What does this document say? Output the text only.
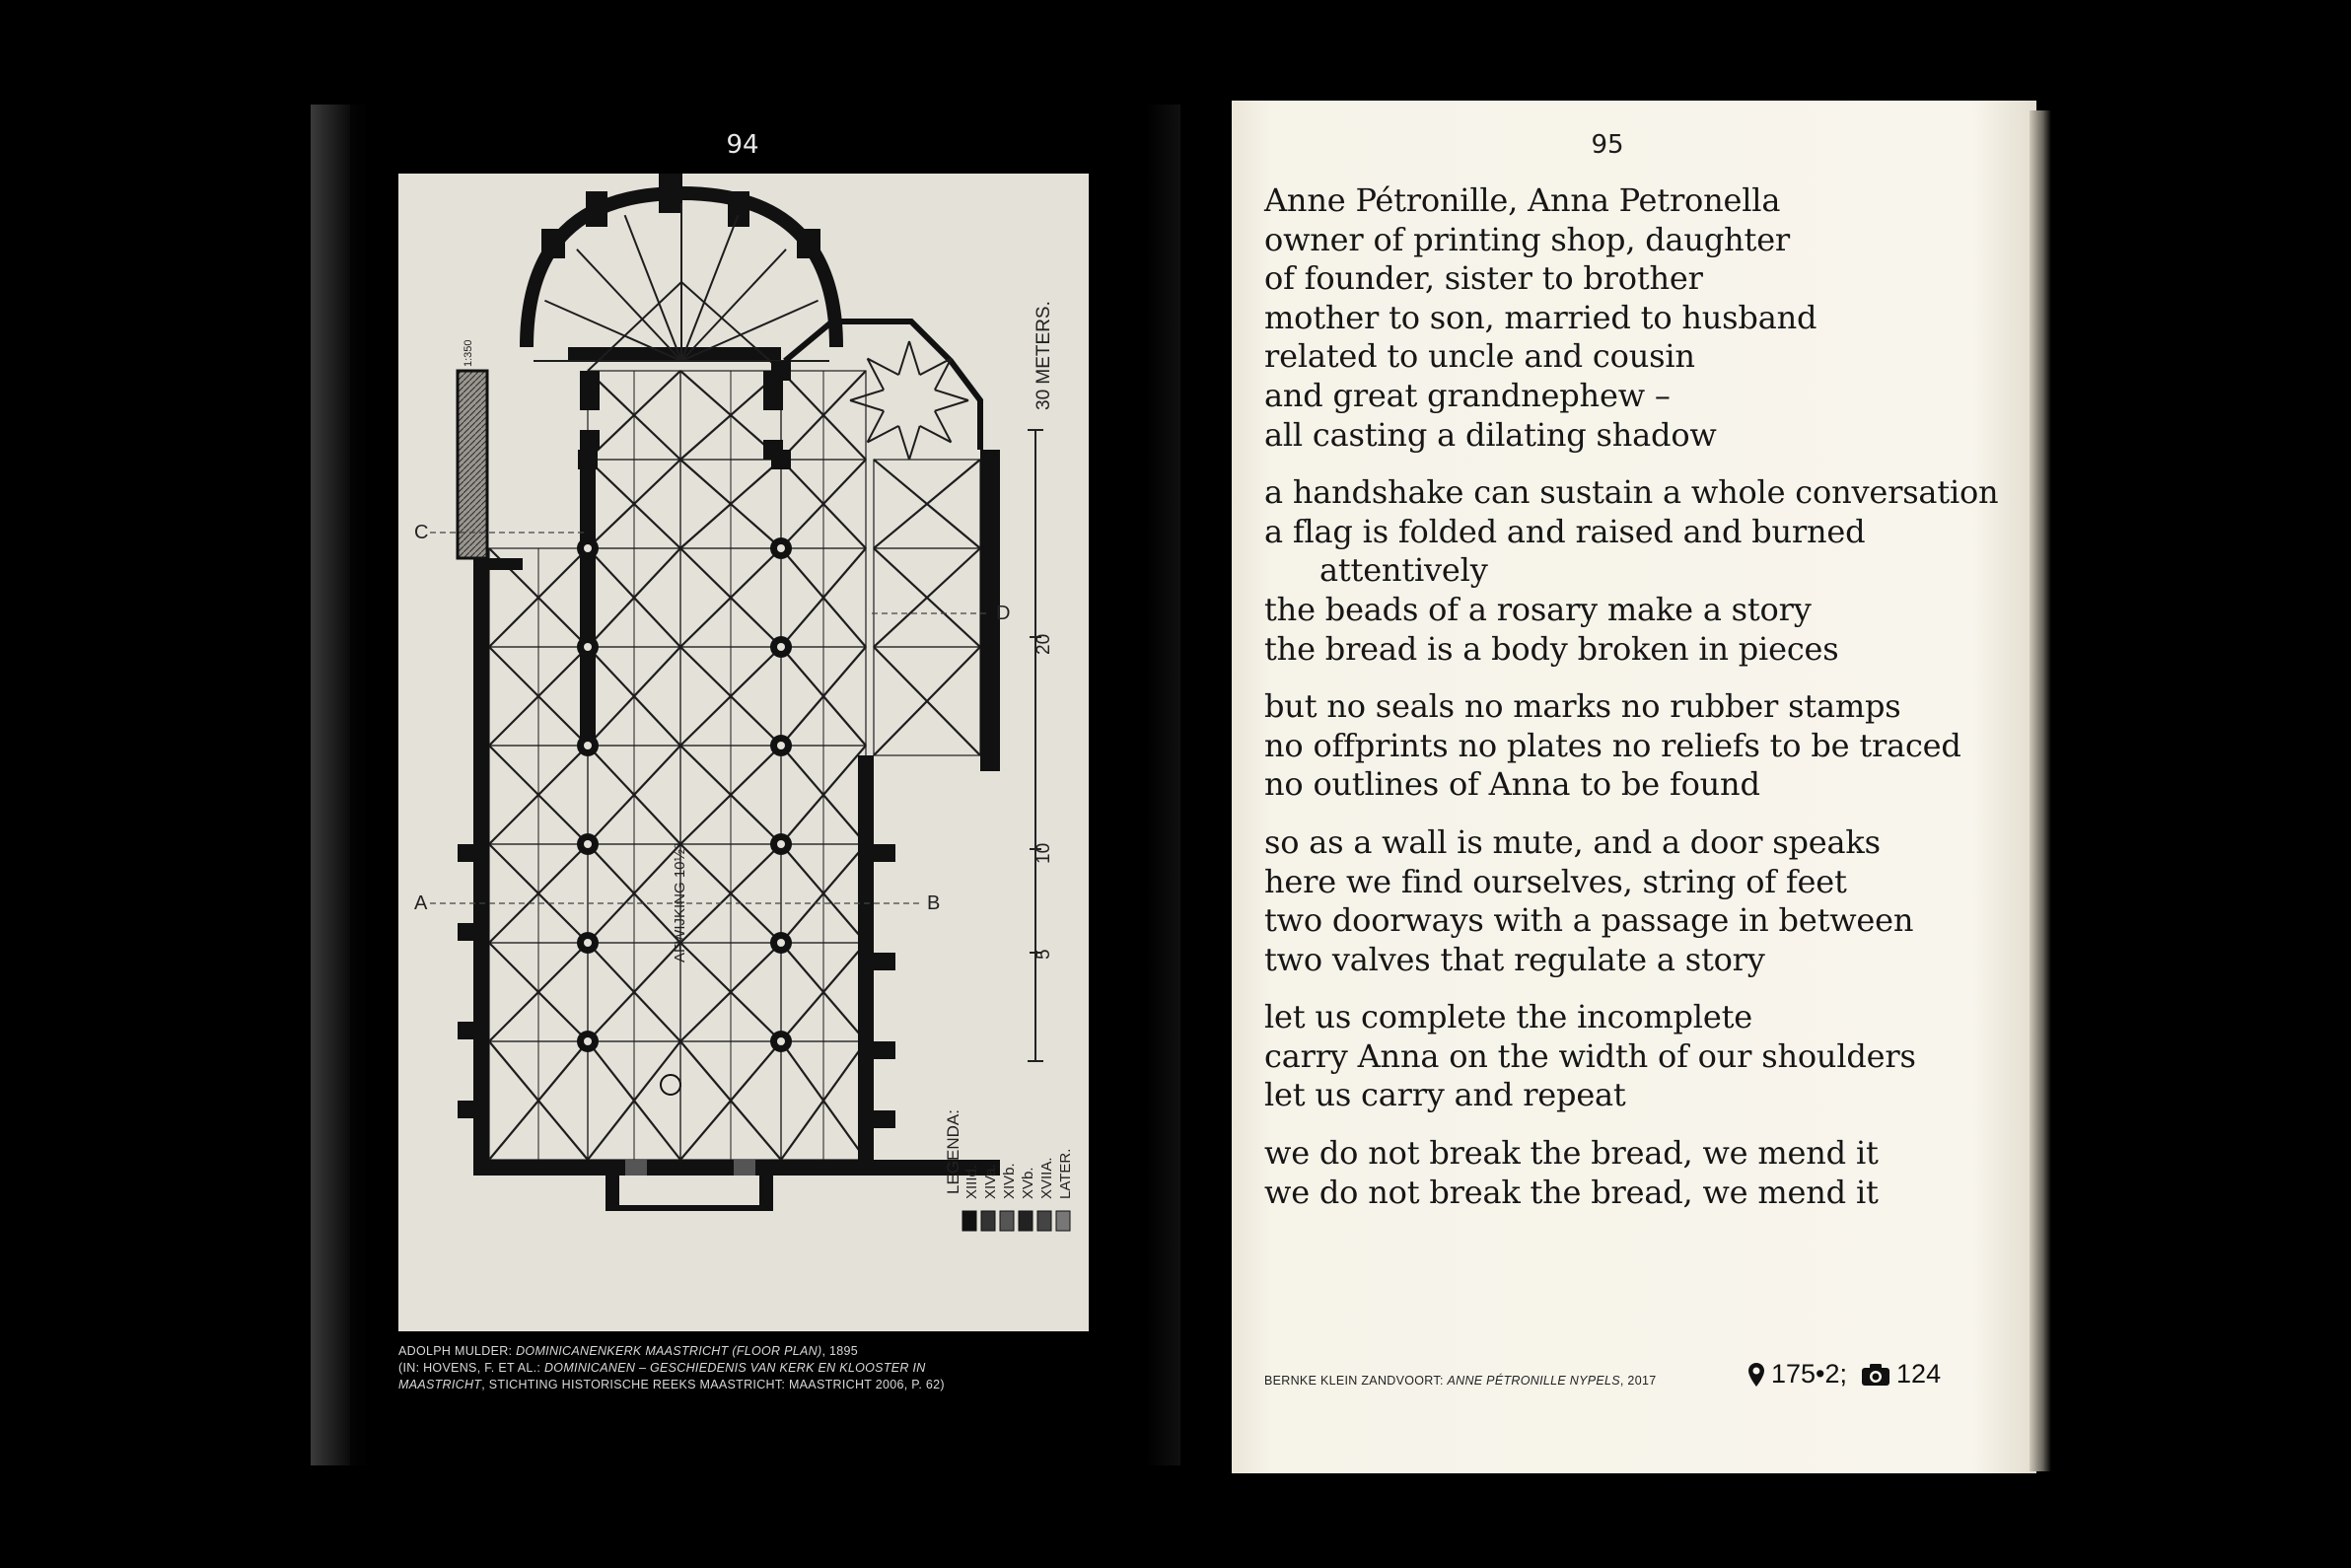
94	95
30 METERS.
20
10
5
A	B
C
D
1:350
AFWIJKING 10½°
LEGENDA: XIIId. XIVa. XIVb. XVb. XVIIA. LATER.
ADOLPH MULDER: DOMINICANENKERK MAASTRICHT (FLOOR PLAN), 1895
(IN: HOVENS, F. ET AL.: DOMINICANEN – GESCHIEDENIS VAN KERK EN KLOOSTER IN
MAASTRICHT, STICHTING HISTORISCHE REEKS MAASTRICHT: MAASTRICHT 2006, P. 62)
Anne Pétronille, Anna Petronella
owner of printing shop, daughter
of founder, sister to brother
mother to son, married to husband
related to uncle and cousin
and great grandnephew –
all casting a dilating shadow
a handshake can sustain a whole conversation
a flag is folded and raised and burned
attentively
the beads of a rosary make a story
the bread is a body broken in pieces
but no seals no marks no rubber stamps
no offprints no plates no reliefs to be traced
no outlines of Anna to be found
so as a wall is mute, and a door speaks
here we find ourselves, string of feet
two doorways with a passage in between
two valves that regulate a story
let us complete the incomplete
carry Anna on the width of our shoulders
let us carry and repeat
we do not break the bread, we mend it
we do not break the bread, we mend it
BERNKE KLEIN ZANDVOORT: ANNE PÉTRONILLE NYPELS, 2017	175•2; 124
